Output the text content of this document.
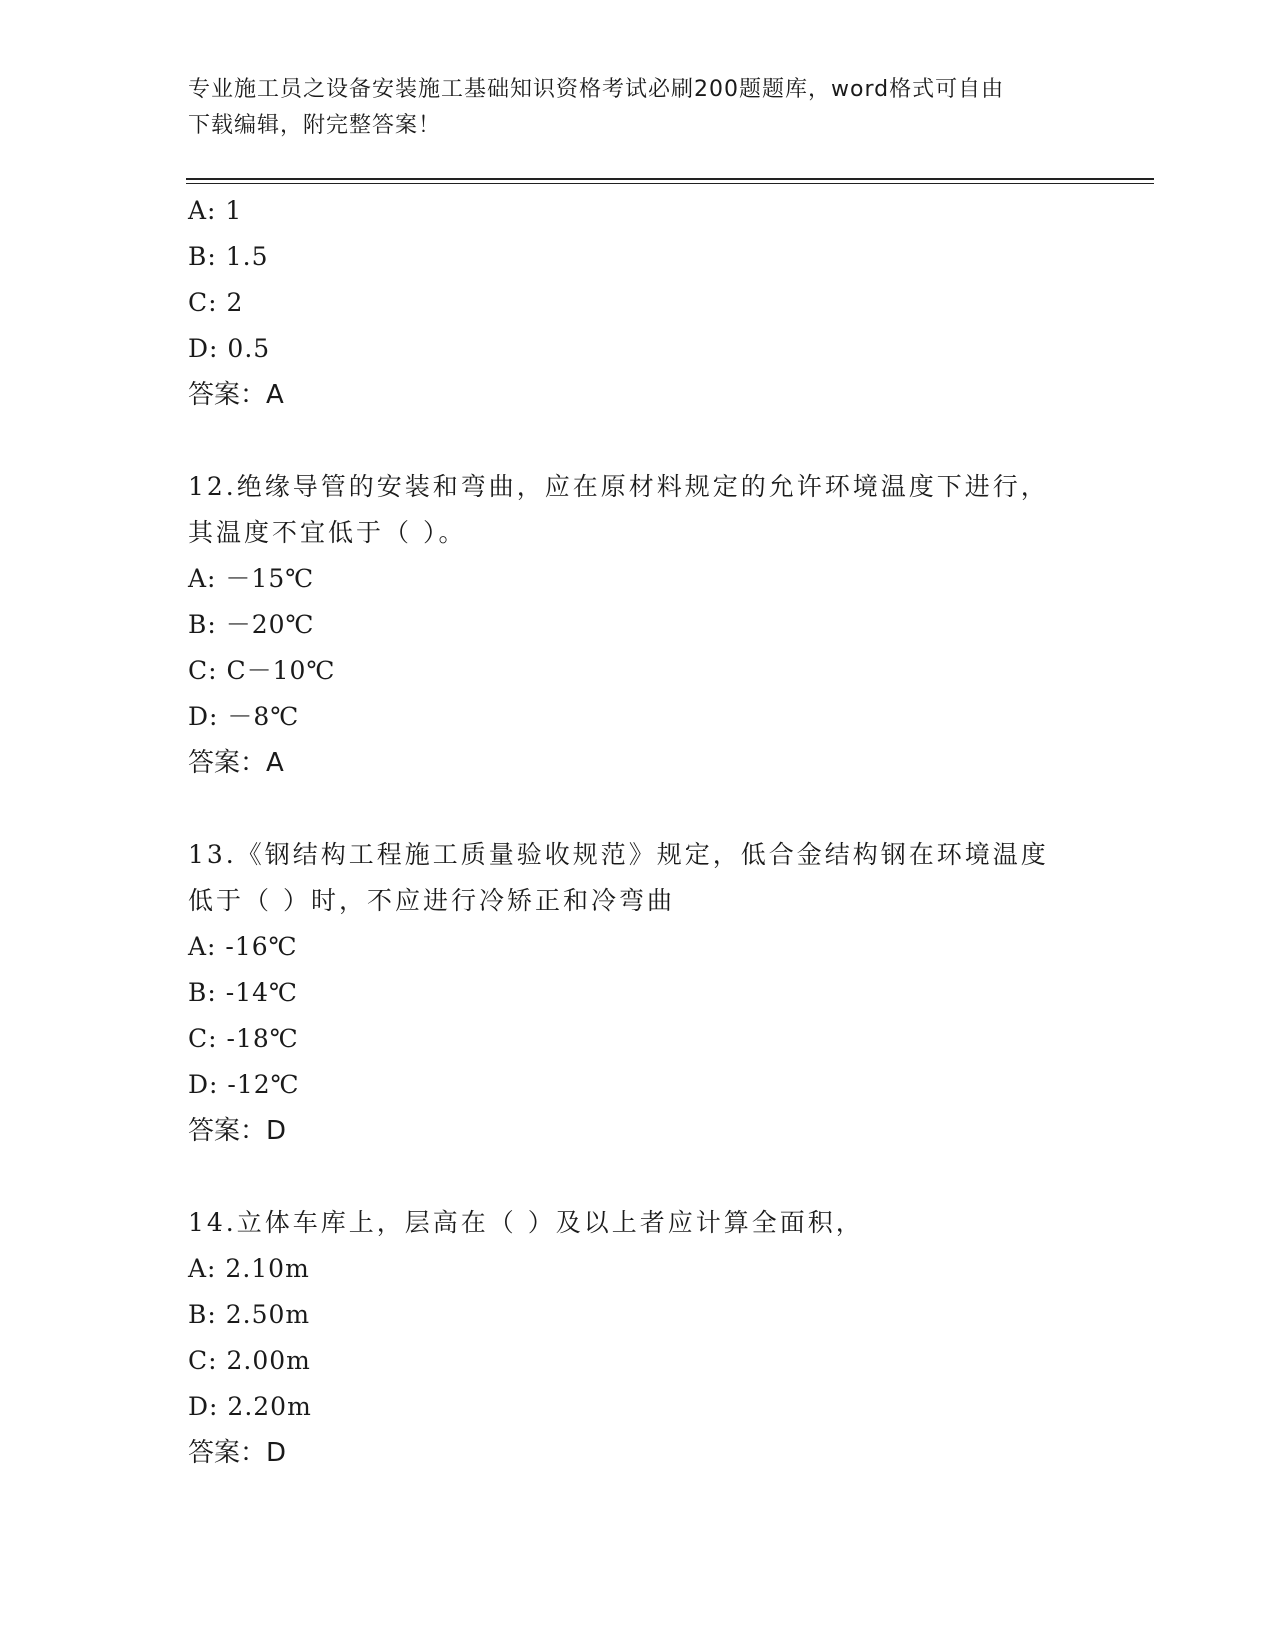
专业施工员之设备安装施工基础知识资格考试必刷200题题库，word格式可自由
下载编辑，附完整答案！
A: 1
B: 1.5
C: 2
D: 0.5
答案：A
12.绝缘导管的安装和弯曲，应在原材料规定的允许环境温度下进行，
其温度不宜低于（ ）。
A: －15℃
B: －20℃
C: C－10℃
D: －8℃
答案：A
13.《钢结构工程施工质量验收规范》规定，低合金结构钢在环境温度
低于（ ）时，不应进行冷矫正和冷弯曲
A: -16℃
B: -14℃
C: -18℃
D: -12℃
答案：D
14.立体车库上，层高在（ ）及以上者应计算全面积，
A: 2.10m
B: 2.50m
C: 2.00m
D: 2.20m
答案：D
